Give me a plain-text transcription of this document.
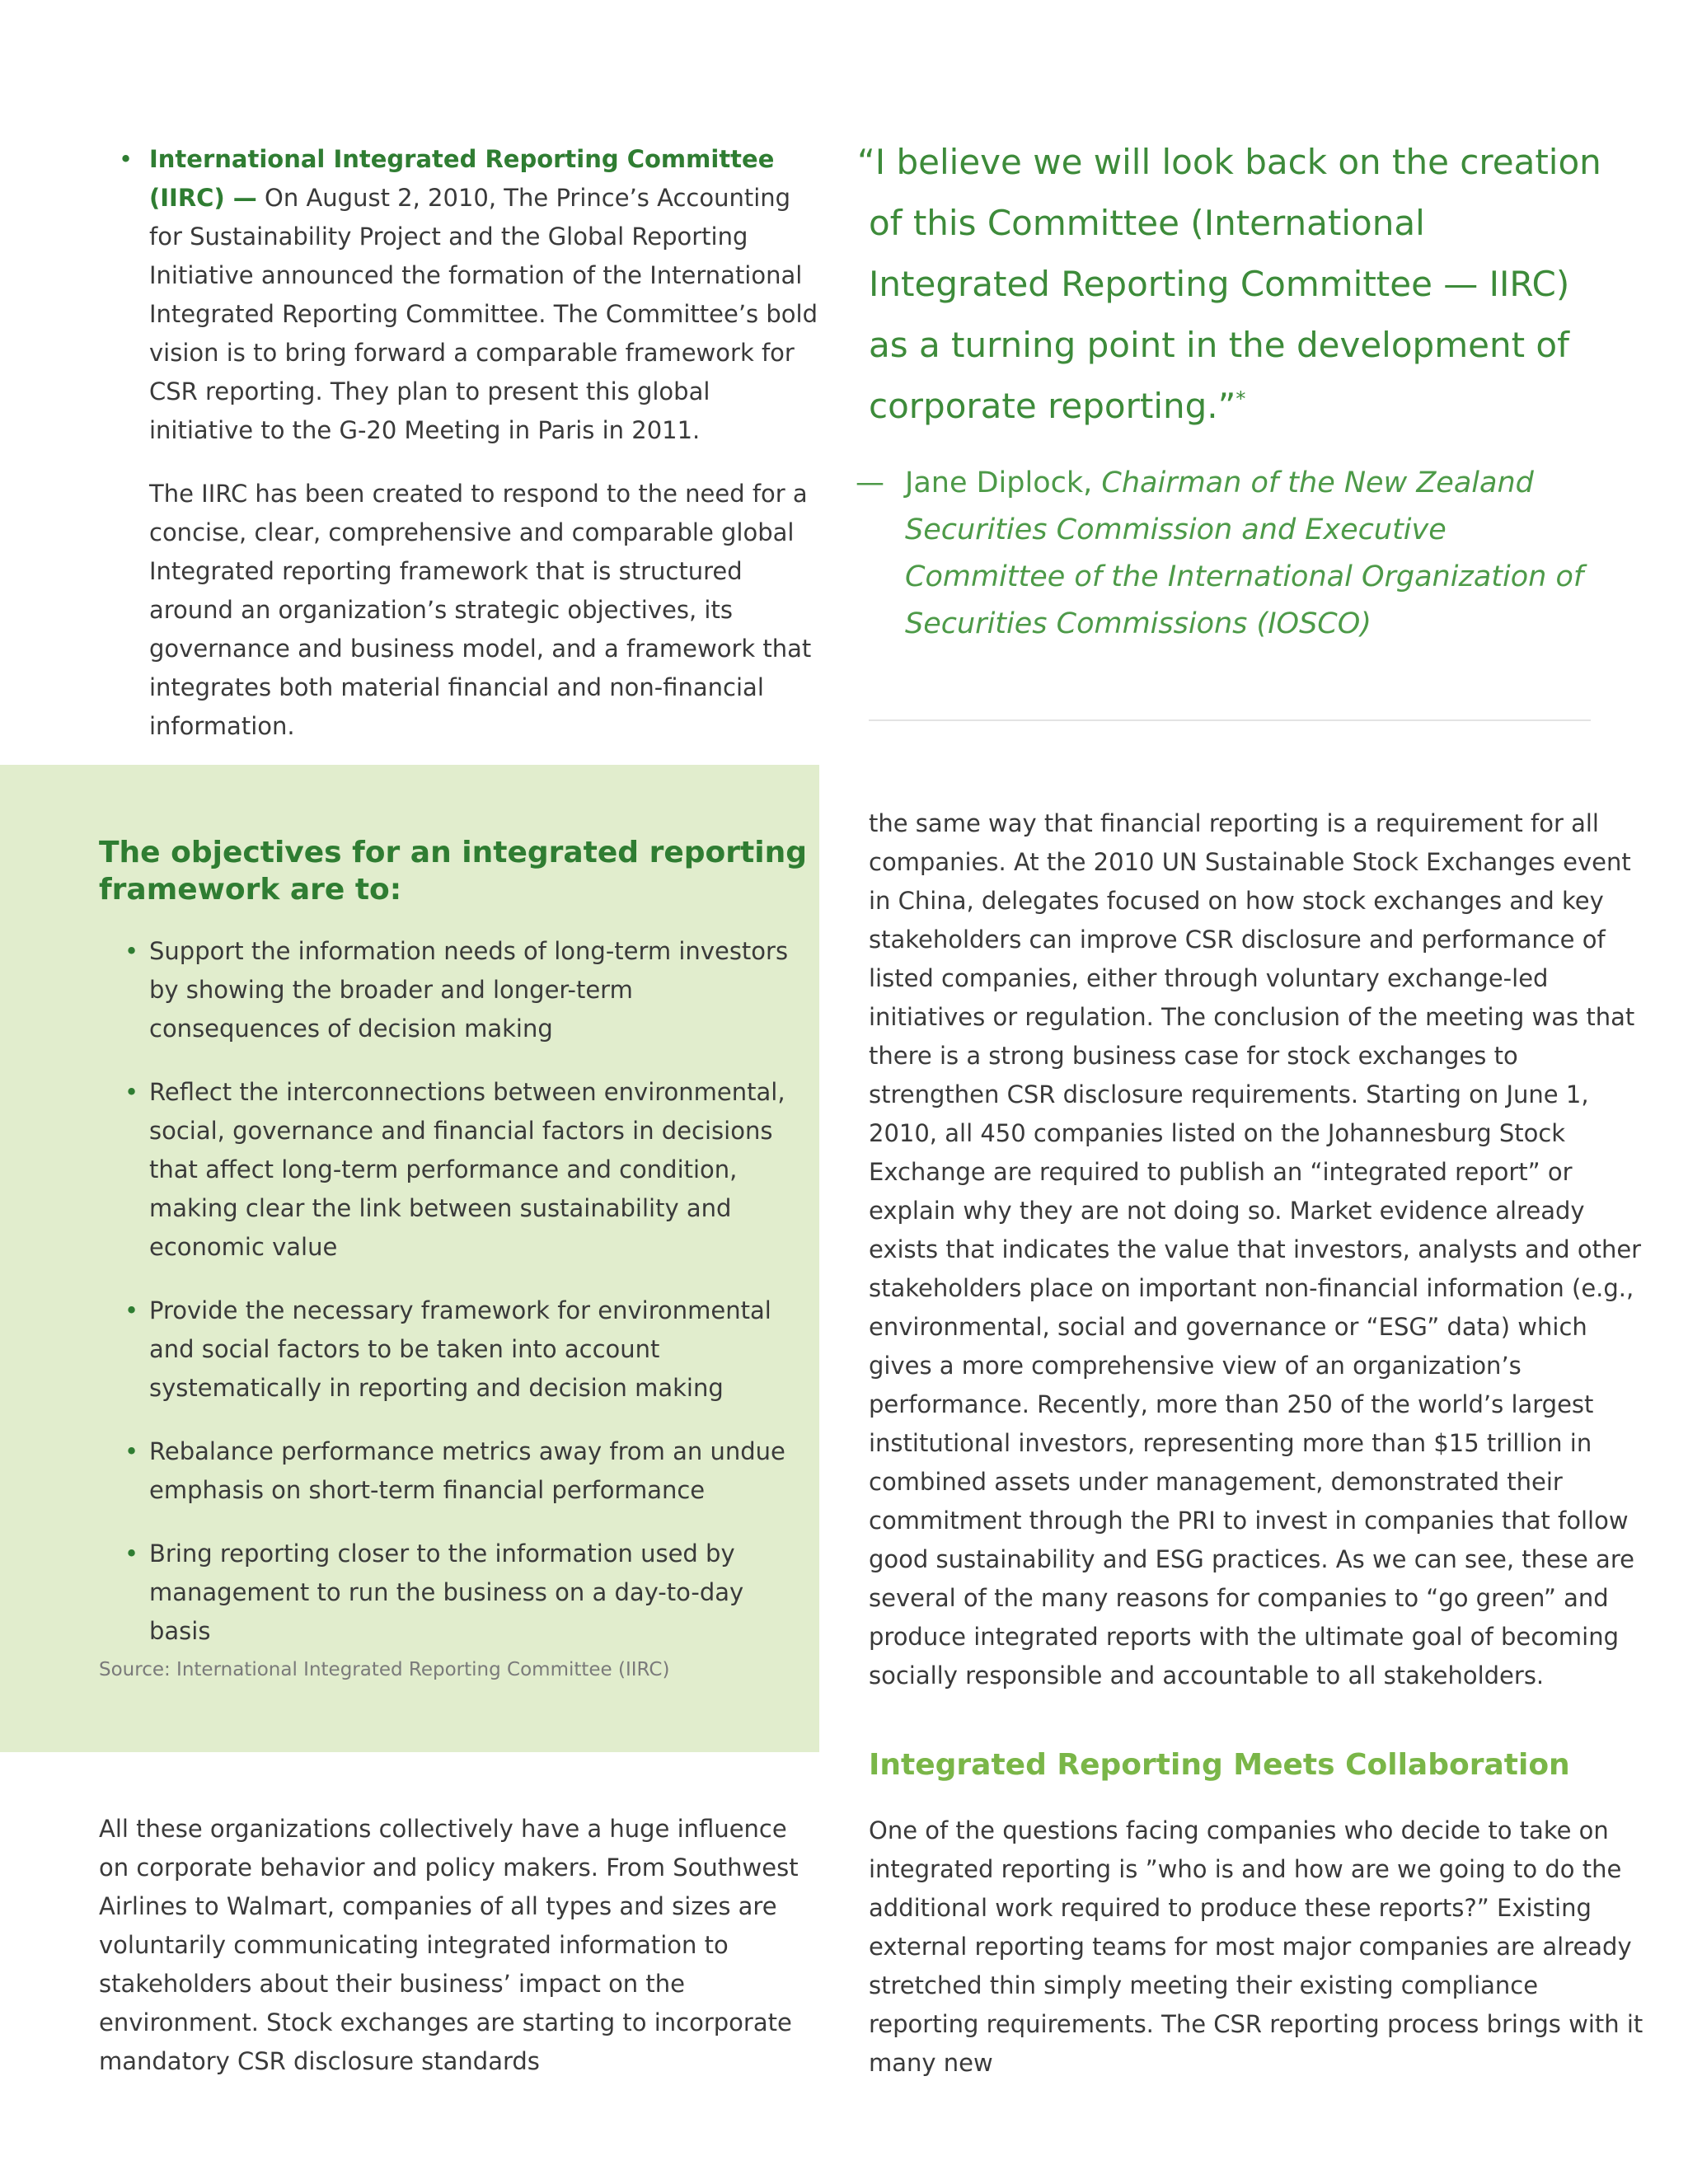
• International Integrated Reporting Committee (IIRC) — On August 2, 2010, The Prince’s Accounting for Sustainability Project and the Global Reporting Initiative announced the formation of the International Integrated Reporting Committee. The Committee’s bold vision is to bring forward a comparable framework for CSR reporting. They plan to present this global initiative to the G-20 Meeting in Paris in 2011.

The IIRC has been created to respond to the need for a concise, clear, comprehensive and comparable global Integrated reporting framework that is structured around an organization’s strategic objectives, its governance and business model, and a framework that integrates both material financial and non-financial information.

“I believe we will look back on the creation of this Committee (International Integrated Reporting Committee — IIRC) as a turning point in the development of corporate reporting.”*

— Jane Diplock, Chairman of the New Zealand Securities Commission and Executive Committee of the International Organization of Securities Commissions (IOSCO)

The objectives for an integrated reporting framework are to:
• Support the information needs of long-term investors by showing the broader and longer-term consequences of decision making
• Reflect the interconnections between environmental, social, governance and financial factors in decisions that affect long-term performance and condition, making clear the link between sustainability and economic value
• Provide the necessary framework for environmental and social factors to be taken into account systematically in reporting and decision making
• Rebalance performance metrics away from an undue emphasis on short-term financial performance
• Bring reporting closer to the information used by management to run the business on a day-to-day basis

Source: International Integrated Reporting Committee (IIRC)

the same way that financial reporting is a requirement for all companies. At the 2010 UN Sustainable Stock Exchanges event in China, delegates focused on how stock exchanges and key stakeholders can improve CSR disclosure and performance of listed companies, either through voluntary exchange-led initiatives or regulation. The conclusion of the meeting was that there is a strong business case for stock exchanges to strengthen CSR disclosure requirements. Starting on June 1, 2010, all 450 companies listed on the Johannesburg Stock Exchange are required to publish an “integrated report” or explain why they are not doing so. Market evidence already exists that indicates the value that investors, analysts and other stakeholders place on important non-financial information (e.g., environmental, social and governance or “ESG” data) which gives a more comprehensive view of an organization’s performance. Recently, more than 250 of the world’s largest institutional investors, representing more than $15 trillion in combined assets under management, demonstrated their commitment through the PRI to invest in companies that follow good sustainability and ESG practices. As we can see, these are several of the many reasons for companies to “go green” and produce integrated reports with the ultimate goal of becoming socially responsible and accountable to all stakeholders.

Integrated Reporting Meets Collaboration

One of the questions facing companies who decide to take on integrated reporting is ”who is and how are we going to do the additional work required to produce these reports?” Existing external reporting teams for most major companies are already stretched thin simply meeting their existing compliance reporting requirements. The CSR reporting process brings with it many new

All these organizations collectively have a huge influence on corporate behavior and policy makers. From Southwest Airlines to Walmart, companies of all types and sizes are voluntarily communicating integrated information to stakeholders about their business’ impact on the environment. Stock exchanges are starting to incorporate mandatory CSR disclosure standards
